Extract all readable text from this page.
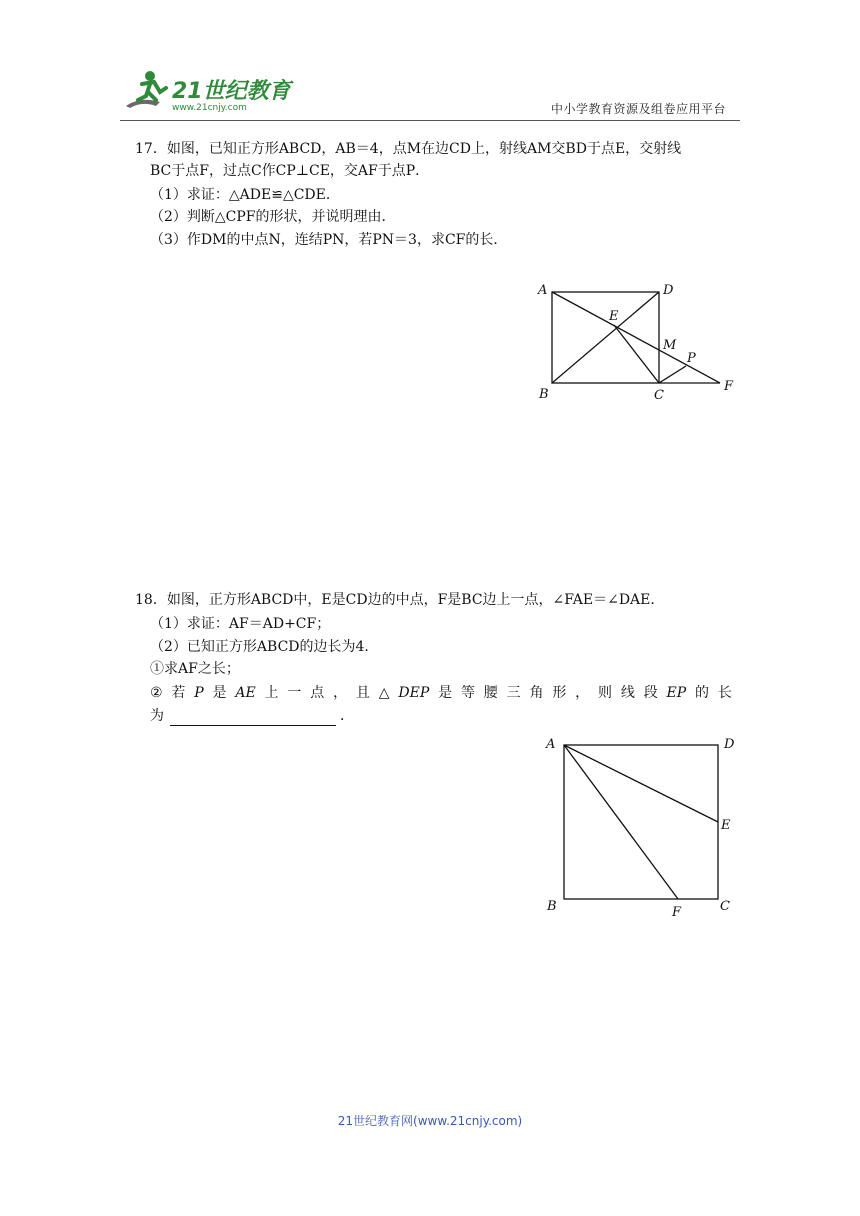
21世纪教育
www.21cnjy.com	中小学教育资源及组卷应用平台
17．如图，已知正方形ABCD，AB＝4，点M在边CD上，射线AM交BD于点E，交射线
BC于点F，过点C作CP⊥CE，交AF于点P．
（1）求证：△ADE≌△CDE．
（2）判断△CPF的形状，并说明理由．
（3）作DM的中点N，连结PN，若PN＝3，求CF的长．
A	D
B	C
E
M
P
F
18．如图，正方形ABCD中，E是CD边的中点，F是BC边上一点，∠FAE＝∠DAE．
（1）求证：AF＝AD+CF；
（2）已知正方形ABCD的边长为4．
①求AF之长；
② 若 P 是 AE 上 一 点 ， 且 △ DEP 是 等 腰 三 角 形 ， 则 线 段 EP 的 长
为	．
A	D
E
B	F	C
21世纪教育网(www.21cnjy.com)
